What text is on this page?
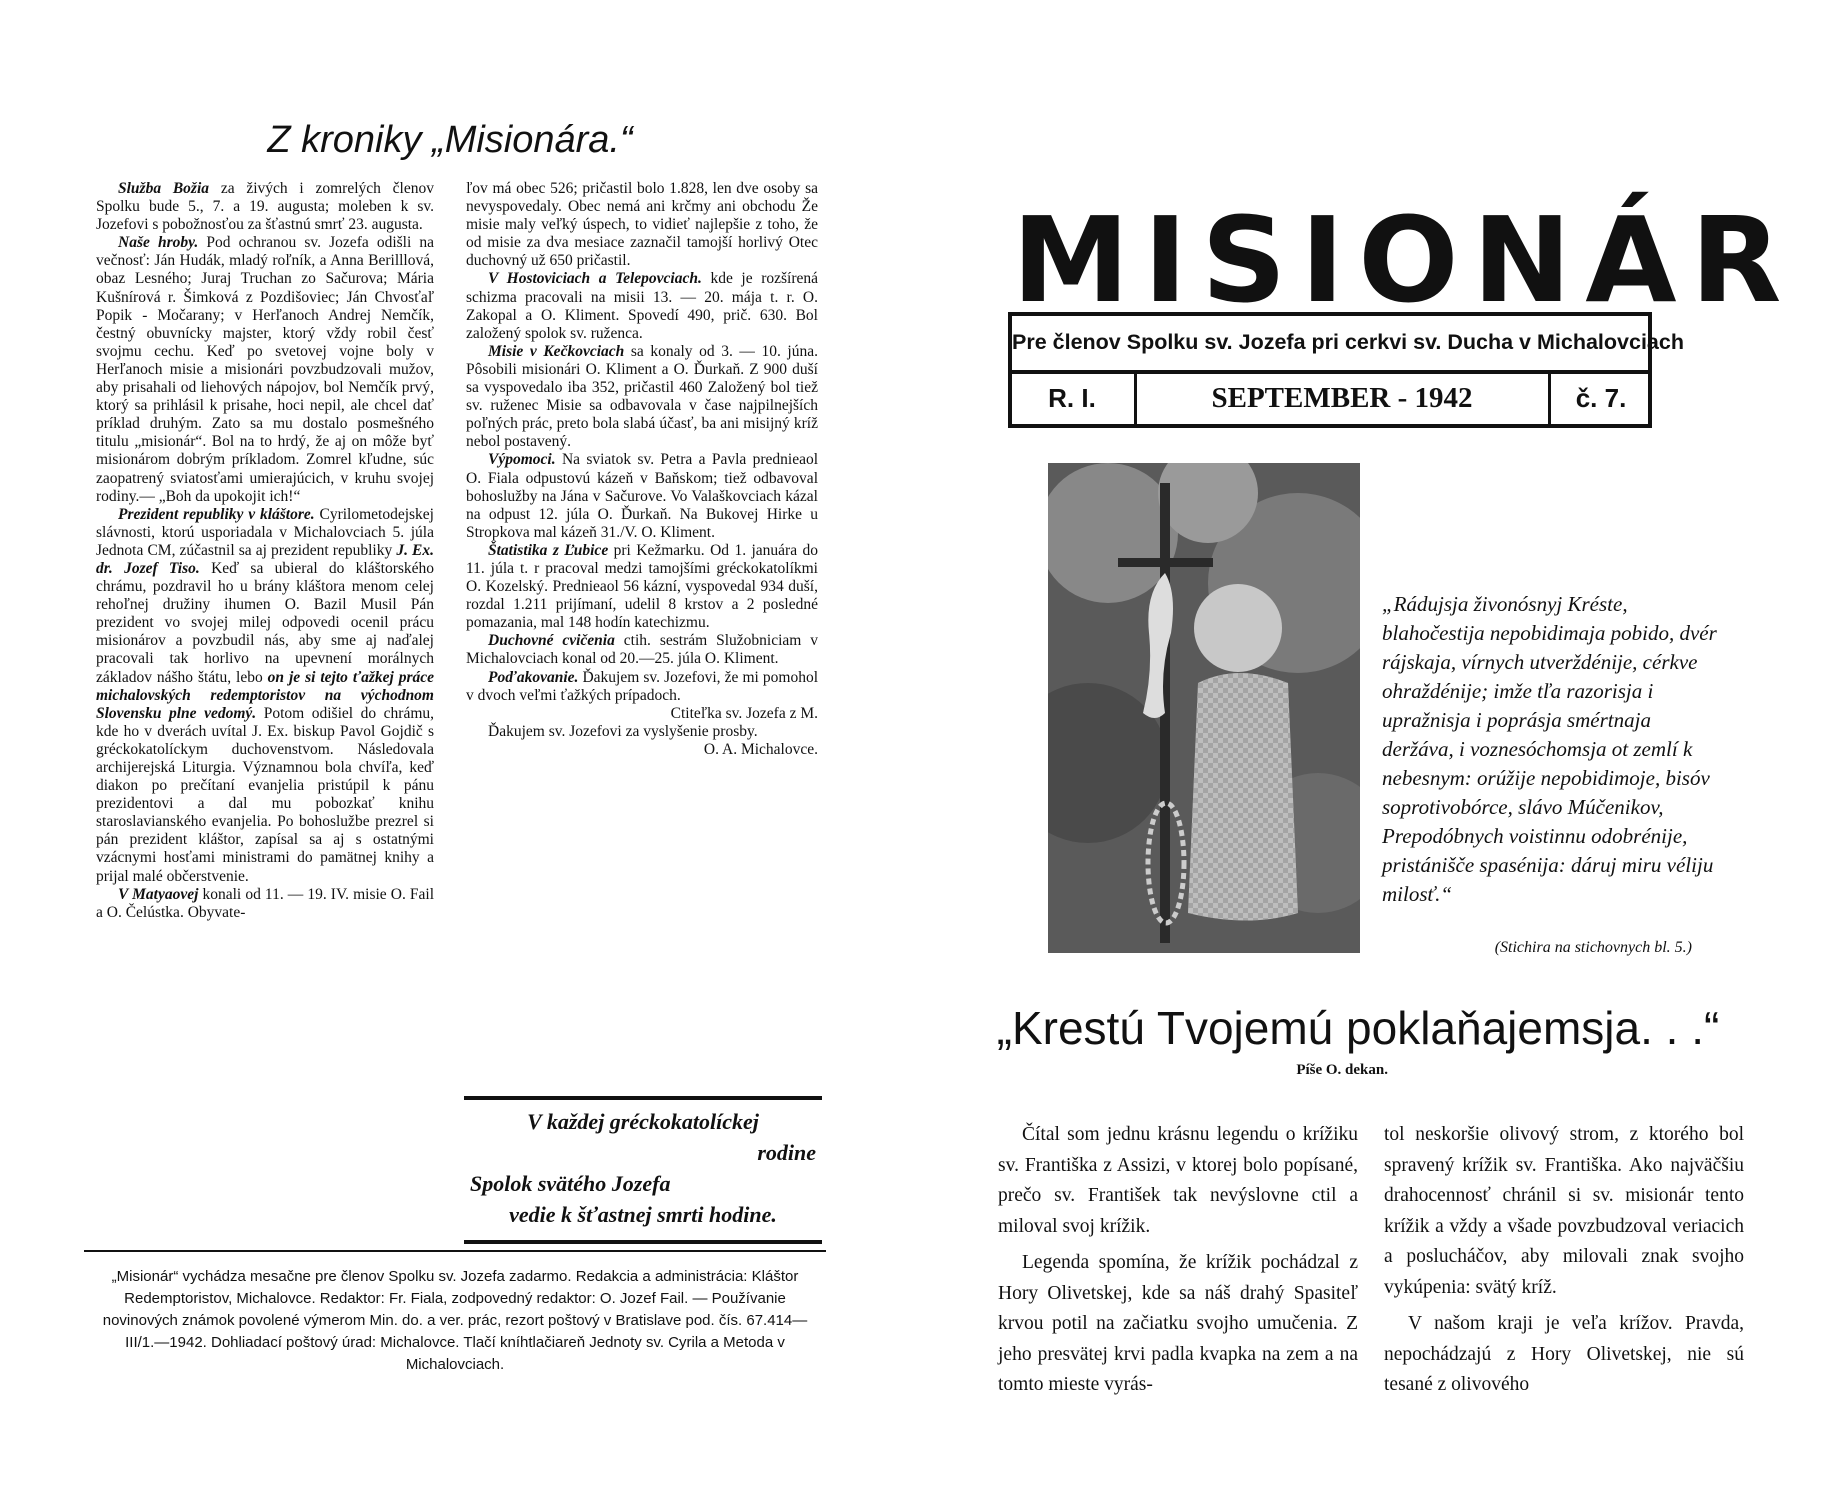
Z kroniky „Misionára.“

Služba Božia za živých i zomrelých členov Spolku bude 5., 7. a 19. augusta; moleben k sv. Jozefovi s pobožnosťou za šťastnú smrť 23. augusta.

Naše hroby. Pod ochranou sv. Jozefa odišli na večnosť: Ján Hudák, mladý roľník, a Anna Berilllová, obaz Lesného; Juraj Truchan zo Sačurova; Mária Kušnírová r. Šimková z Pozdišoviec; Ján Chvosťaľ Popik - Močarany; v Herľanoch Andrej Nemčík, čestný obuvnícky majster, ktorý vždy robil česť svojmu cechu. Keď po svetovej vojne boly v Herľanoch misie a misionári povzbudzovali mužov, aby prisahali od liehových nápojov, bol Nemčík prvý, ktorý sa prihlásil k prisahe, hoci nepil, ale chcel dať príklad druhým. Zato sa mu dostalo posmešného titulu „misionár“. Bol na to hrdý, že aj on môže byť misionárom dobrým príkladom. Zomrel kľudne, súc zaopatrený sviatosťami umierajúcich, v kruhu svojej rodiny.— „Boh da upokojit ich!“

Prezident republiky v kláštore. Cyrilometodejskej slávnosti, ktorú usporiadala v Michalovciach 5. júla Jednota CM, zúčastnil sa aj prezident republiky J. Ex. dr. Jozef Tiso. Keď sa ubieral do kláštorského chrámu, pozdravil ho u brány kláštora menom celej rehoľnej družiny ihumen O. Bazil Musil Pán prezident vo svojej milej odpovedi ocenil prácu misionárov a povzbudil nás, aby sme aj naďalej pracovali tak horlivo na upevnení morálnych základov nášho štátu, lebo on je si tejto ťažkej práce michalovských redemptoristov na východnom Slovensku plne vedomý. Potom odišiel do chrámu, kde ho v dverách uvítal J. Ex. biskup Pavol Gojdič s gréckokatolíckym duchovenstvom. Následovala archijerejská Liturgia. Významnou bola chvíľa, keď diakon po prečítaní evanjelia pristúpil k pánu prezidentovi a dal mu pobozkať knihu staroslavianského evanjelia. Po bohoslužbe prezrel si pán prezident kláštor, zapísal sa aj s ostatnými vzácnymi hosťami ministrami do pamätnej knihy a prijal malé občerstvenie.

V Matyaovej konali od 11. — 19. IV. misie O. Fail a O. Čelústka. Obyvate-

ľov má obec 526; pričastil bolo 1.828, len dve osoby sa nevyspovedaly. Obec nemá ani krčmy ani obchodu Že misie maly veľký úspech, to vidieť najlepšie z toho, že od misie za dva mesiace zaznačil tamojší horlivý Otec duchovný už 650 pričastil.

V Hostoviciach a Telepovciach. kde je rozšírená schizma pracovali na misii 13. — 20. mája t. r. O. Zakopal a O. Kliment. Spovedí 490, prič. 630. Bol založený spolok sv. ruženca.

Misie v Kečkovciach sa konaly od 3. — 10. júna. Pôsobili misionári O. Kliment a O. Ďurkaň. Z 900 duší sa vyspovedalo iba 352, pričastil 460 Založený bol tiež sv. ruženec Misie sa odbavovala v čase najpilnejších poľných prác, preto bola slabá účasť, ba ani misijný kríž nebol postavený.

Výpomoci. Na sviatok sv. Petra a Pavla prednieaol O. Fiala odpustovú kázeň v Baňskom; tiež odbavoval bohoslužby na Jána v Sačurove. Vo Valaškovciach kázal na odpust 12. júla O. Ďurkaň. Na Bukovej Hirke u Stropkova mal kázeň 31./V. O. Kliment.

Štatistika z Ľubice pri Kežmarku. Od 1. januára do 11. júla t. r pracoval medzi tamojšími gréckokatolíkmi O. Kozelský. Prednieaol 56 kázní, vyspovedal 934 duší, rozdal 1.211 prijímaní, udelil 8 krstov a 2 posledné pomazania, mal 148 hodín katechizmu.

Duchovné cvičenia ctih. sestrám Služobniciam v Michalovciach konal od 20.—25. júla O. Kliment.

Poďakovanie. Ďakujem sv. Jozefovi, že mi pomohol v dvoch veľmi ťažkých prípadoch.

Ctiteľka sv. Jozefa z M.

Ďakujem sv. Jozefovi za vyslyšenie prosby.

O. A. Michalovce.

V každej gréckokatolíckej
rodine
Spolok svätého Jozefa
vedie k šťastnej smrti hodine.
„Misionár“ vychádza mesačne pre členov Spolku sv. Jozefa zadarmo. Redakcia a administrácia: Kláštor Redemptoristov, Michalovce. Redaktor: Fr. Fiala, zodpovedný redaktor: O. Jozef Fail. — Používanie novinových známok povolené výmerom Min. do. a ver. prác, rezort poštový v Bratislave pod. čís. 67.414—III/1.—1942. Dohliadací poštový úrad: Michalovce. Tlačí kníhtlačiareň Jednoty sv. Cyrila a Metoda v Michalovciach.
MISIONÁR
Pre členov Spolku sv. Jozefa pri cerkvi sv. Ducha v Michalovciach
R. I.	SEPTEMBER - 1942	č. 7.
„Rádujsja živonósnyj Kréste, blahočestija nepobidimaja pobido, dvér rájskaja, vírnych utverždénije, cérkve ohraždénije; imže tľa razorisja i upražnisja i poprásja smértnaja deržáva, i voznesóchomsja ot zemlí k nebesnym: orúžije nepobidimoje, bisóv soprotivobórce, slávo Múčenikov, Prepodóbnych voistinnu odobrénije, pristánišče spasénija: dáruj miru véliju milosť.“
(Stichira na stichovnych bl. 5.)
„Krestú Tvojemú poklaňajemsja. . .“
Píše O. dekan.

Čítal som jednu krásnu legendu o krížiku sv. Františka z Assizi, v ktorej bolo popísané, prečo sv. František tak nevýslovne ctil a miloval svoj krížik.

Legenda spomína, že krížik pochádzal z Hory Olivetskej, kde sa náš drahý Spasiteľ krvou potil na začiatku svojho umučenia. Z jeho presvätej krvi padla kvapka na zem a na tomto mieste vyrás-

tol neskoršie olivový strom, z ktorého bol spravený krížik sv. Františka. Ako najväčšiu drahocennosť chránil si sv. misionár tento krížik a vždy a všade povzbudzoval veriacich a poslucháčov, aby milovali znak svojho vykúpenia: svätý kríž.

V našom kraji je veľa krížov. Pravda, nepochádzajú z Hory Olivetskej, nie sú tesané z olivového
